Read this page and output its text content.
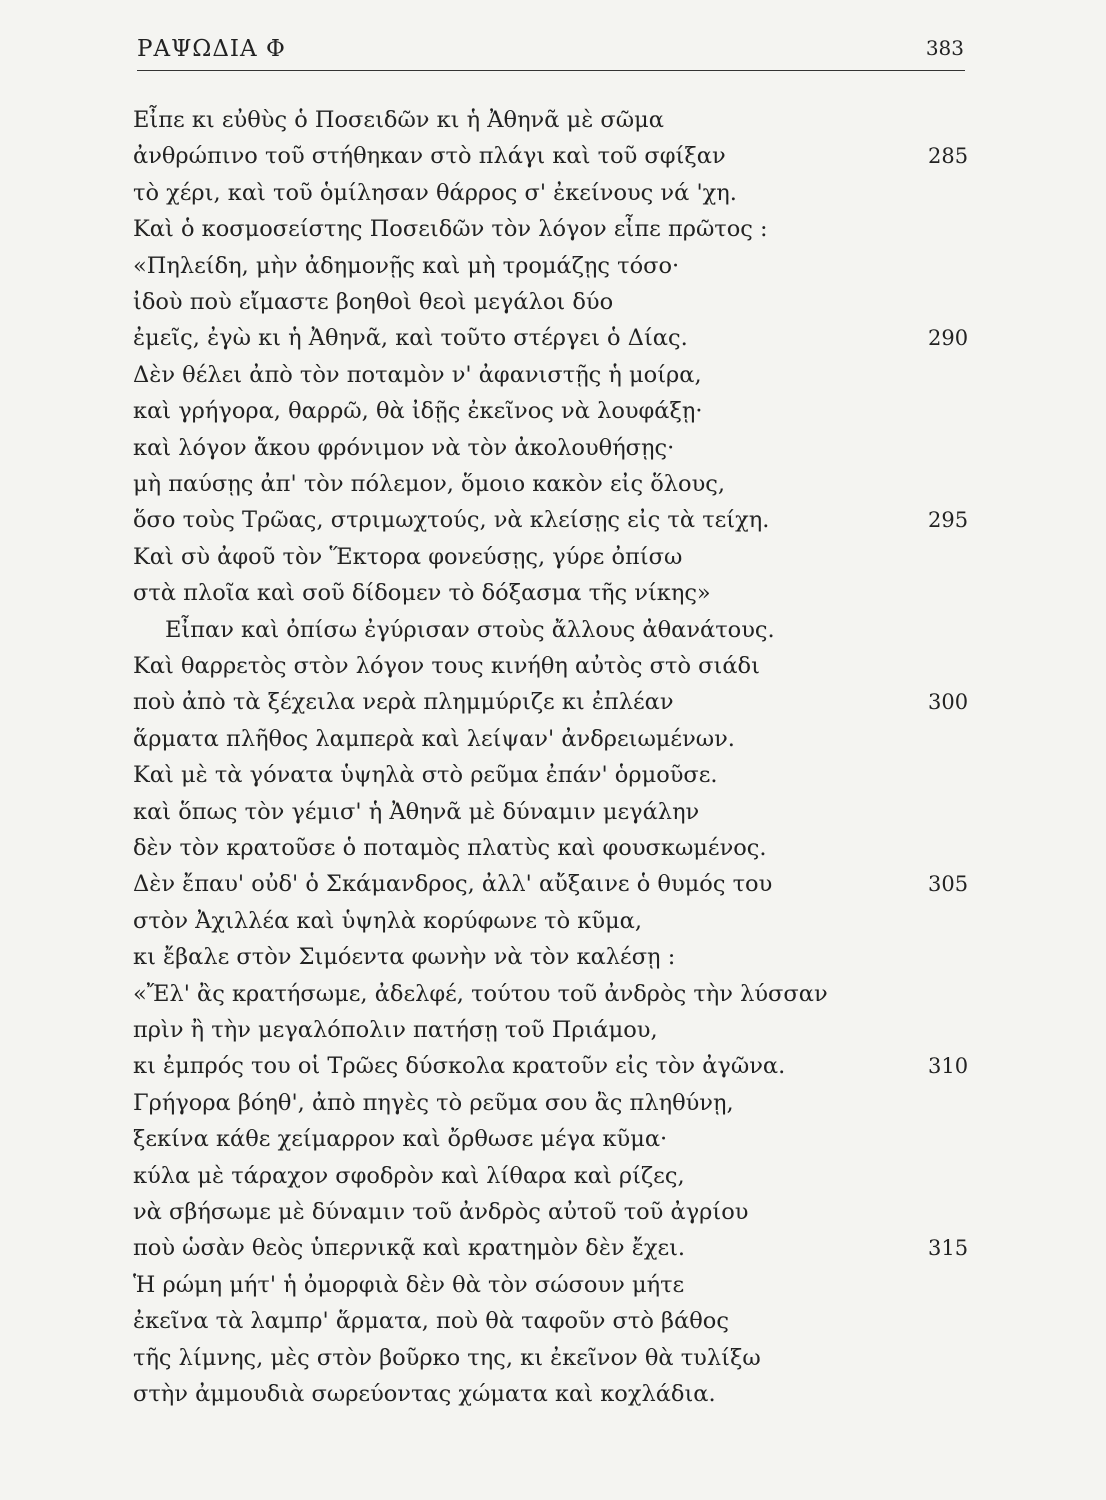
ΡΑΨΩΔΙΑ Φ	383
Εἶπε κι εὐθὺς ὁ Ποσειδῶν κι ἡ Ἀθηνᾶ μὲ σῶμα
ἀνθρώπινο τοῦ στήθηκαν στὸ πλάγι καὶ τοῦ σφίξαν	285
τὸ χέρι, καὶ τοῦ ὁμίλησαν θάρρος σ' ἐκείνους νά 'χη.
Καὶ ὁ κοσμοσείστης Ποσειδῶν τὸν λόγον εἶπε πρῶτος :
«Πηλείδη, μὴν ἀδημονῇς καὶ μὴ τρομάζῃς τόσο·
ἰδοὺ ποὺ εἴμαστε βοηθοὶ θεοὶ μεγάλοι δύο
ἐμεῖς, ἐγὼ κι ἡ Ἀθηνᾶ, καὶ τοῦτο στέργει ὁ Δίας.	290
Δὲν θέλει ἀπὸ τὸν ποταμὸν ν' ἀφανιστῇς ἡ μοίρα,
καὶ γρήγορα, θαρρῶ, θὰ ἰδῇς ἐκεῖνος νὰ λουφάξῃ·
καὶ λόγον ἄκου φρόνιμον νὰ τὸν ἀκολουθήσῃς·
μὴ παύσῃς ἀπ' τὸν πόλεμον, ὅμοιο κακὸν εἰς ὅλους,
ὅσο τοὺς Τρῶας, στριμωχτούς, νὰ κλείσῃς εἰς τὰ τείχη.	295
Καὶ σὺ ἀφοῦ τὸν Ἕκτορα φονεύσῃς, γύρε ὀπίσω
στὰ πλοῖα καὶ σοῦ δίδομεν τὸ δόξασμα τῆς νίκης»
Εἶπαν καὶ ὀπίσω ἐγύρισαν στοὺς ἄλλους ἀθανάτους.
Καὶ θαρρετὸς στὸν λόγον τους κινήθη αὐτὸς στὸ σιάδι
ποὺ ἀπὸ τὰ ξέχειλα νερὰ πλημμύριζε κι ἐπλέαν	300
ἅρματα πλῆθος λαμπερὰ καὶ λείψαν' ἀνδρειωμένων.
Καὶ μὲ τὰ γόνατα ὑψηλὰ στὸ ρεῦμα ἐπάν' ὁρμοῦσε.
καὶ ὅπως τὸν γέμισ' ἡ Ἀθηνᾶ μὲ δύναμιν μεγάλην
δὲν τὸν κρατοῦσε ὁ ποταμὸς πλατὺς καὶ φουσκωμένος.
Δὲν ἔπαυ' οὐδ' ὁ Σκάμανδρος, ἀλλ' αὔξαινε ὁ θυμός του	305
στὸν Ἀχιλλέα καὶ ὑψηλὰ κορύφωνε τὸ κῦμα,
κι ἔβαλε στὸν Σιμόεντα φωνὴν νὰ τὸν καλέσῃ :
«Ἔλ' ἂς κρατήσωμε, ἀδελφέ, τούτου τοῦ ἀνδρὸς τὴν λύσσαν
πρὶν ἢ τὴν μεγαλόπολιν πατήσῃ τοῦ Πριάμου,
κι ἐμπρός του οἱ Τρῶες δύσκολα κρατοῦν εἰς τὸν ἀγῶνα.	310
Γρήγορα βόηθ', ἀπὸ πηγὲς τὸ ρεῦμα σου ἂς πληθύνῃ,
ξεκίνα κάθε χείμαρρον καὶ ὄρθωσε μέγα κῦμα·
κύλα μὲ τάραχον σφοδρὸν καὶ λίθαρα καὶ ρίζες,
νὰ σβήσωμε μὲ δύναμιν τοῦ ἀνδρὸς αὐτοῦ τοῦ ἀγρίου
ποὺ ὡσὰν θεὸς ὑπερνικᾷ καὶ κρατημὸν δὲν ἔχει.	315
Ἡ ρώμη μήτ' ἡ ὀμορφιὰ δὲν θὰ τὸν σώσουν μήτε
ἐκεῖνα τὰ λαμπρ' ἅρματα, ποὺ θὰ ταφοῦν στὸ βάθος
τῆς λίμνης, μὲς στὸν βοῦρκο της, κι ἐκεῖνον θὰ τυλίξω
στὴν ἀμμουδιὰ σωρεύοντας χώματα καὶ κοχλάδια.
